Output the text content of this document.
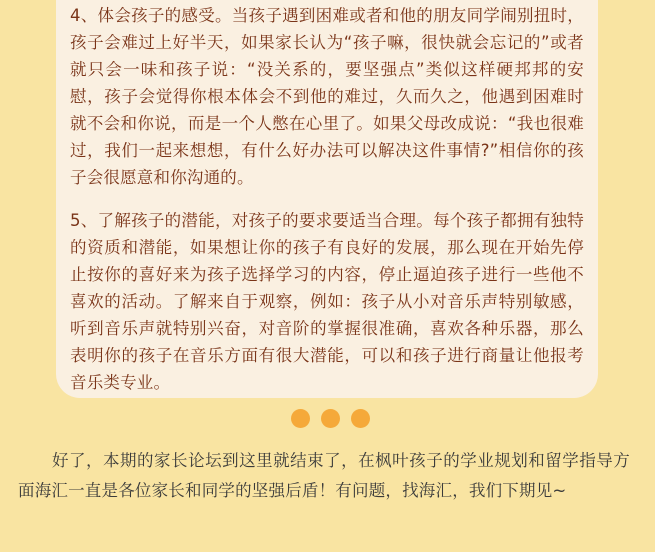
4、体会孩子的感受。当孩子遇到困难或者和他的朋友同学闹别扭时，孩子会难过上好半天，如果家长认为“孩子嘛，很快就会忘记的”或者就只会一味和孩子说：“没关系的，要坚强点”类似这样硬邦邦的安慰，孩子会觉得你根本体会不到他的难过，久而久之，他遇到困难时就不会和你说，而是一个人憋在心里了。如果父母改成说：“我也很难过，我们一起来想想，有什么好办法可以解决这件事情?”相信你的孩子会很愿意和你沟通的。

5、了解孩子的潜能，对孩子的要求要适当合理。每个孩子都拥有独特的资质和潜能，如果想让你的孩子有良好的发展，那么现在开始先停止按你的喜好来为孩子选择学习的内容，停止逼迫孩子进行一些他不喜欢的活动。了解来自于观察，例如：孩子从小对音乐声特别敏感，听到音乐声就特别兴奋，对音阶的掌握很准确，喜欢各种乐器，那么表明你的孩子在音乐方面有很大潜能，可以和孩子进行商量让他报考音乐类专业。

好了，本期的家长论坛到这里就结束了，在枫叶孩子的学业规划和留学指导方面海汇一直是各位家长和同学的坚强后盾！有问题，找海汇，我们下期见~
